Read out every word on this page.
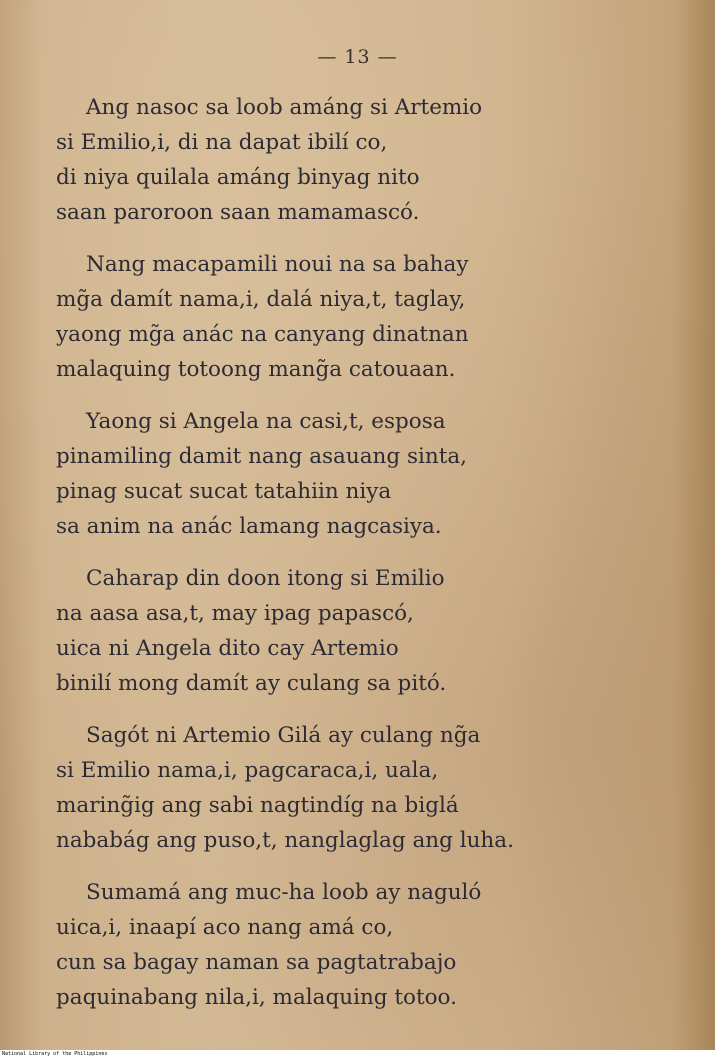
— 13 —
Ang nasoc sa loob amáng si Artemio
si Emilio,i, di na dapat ibilí co,
di niya quilala amáng binyag nito
saan paroroon saan mamamascó.
Nang macapamili noui na sa bahay
mg̃a damít nama,i, dalá niya,t, taglay,
yaong mg̃a anác na canyang dinatnan
malaquing totoong mang̃a catouaan.
Yaong si Angela na casi,t, esposa
pinamiling damit nang asauang sinta,
pinag sucat sucat tatahiin niya
sa anim na anác lamang nagcasiya.
Caharap din doon itong si Emilio
na aasa asa,t, may ipag papascó,
uica ni Angela dito cay Artemio
binilí mong damít ay culang sa pitó.
Sagót ni Artemio Gilá ay culang ng̃a
si Emilio nama,i, pagcaraca,i, uala,
maring̃ig ang sabi nagtindíg na biglá
nababág ang puso,t, nanglaglag ang luha.
Sumamá ang muc-ha loob ay naguló
uica,i, inaapí aco nang amá co,
cun sa bagay naman sa pagtatrabajo
paquinabang nila,i, malaquing totoo.
National Library of the Philippines
